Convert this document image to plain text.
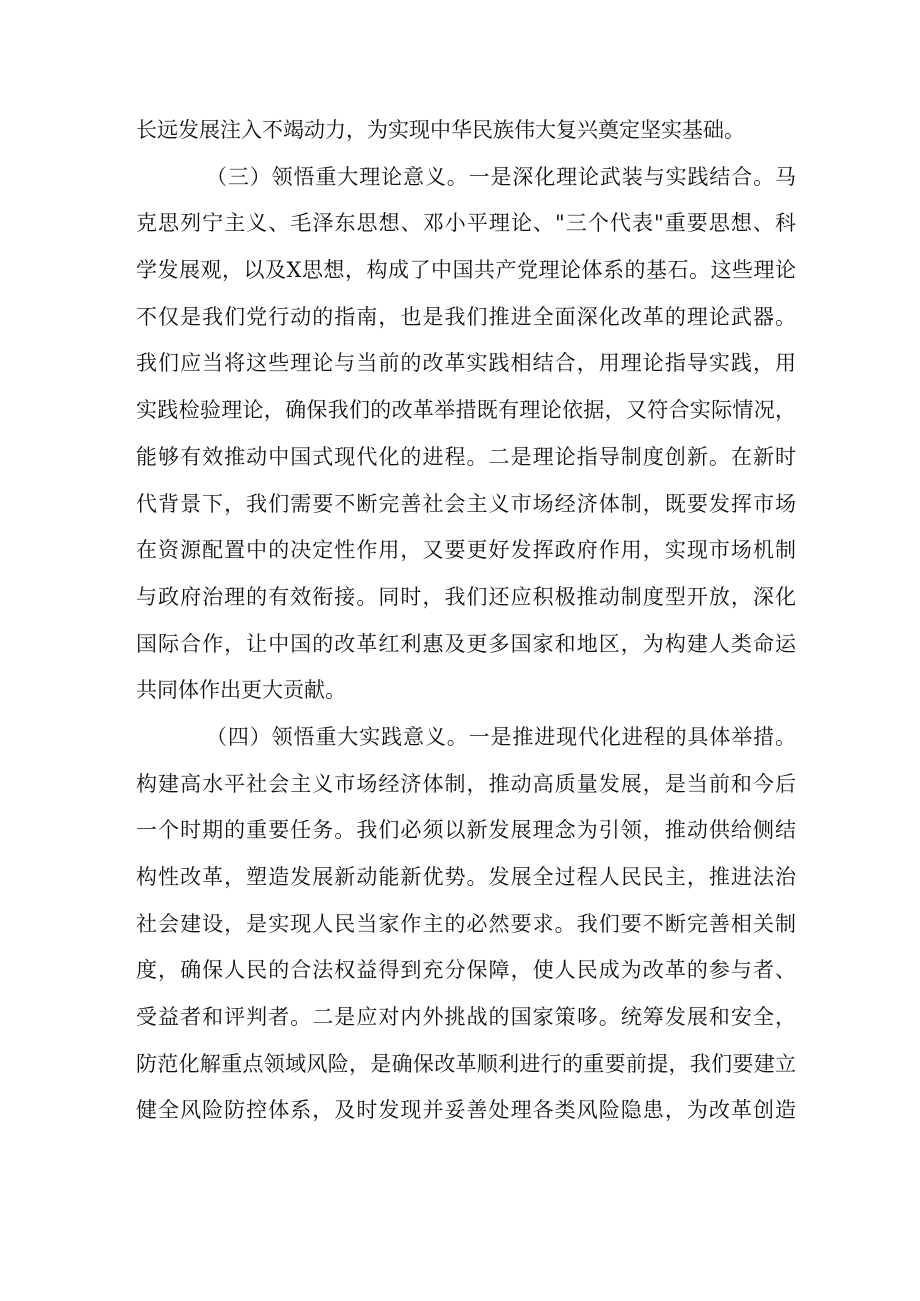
长远发展注入不竭动力，为实现中华民族伟大复兴奠定坚实基础。
（三）领悟重大理论意义。一是深化理论武装与实践结合。马
克思列宁主义、毛泽东思想、邓小平理论、"三个代表"重要思想、科
学发展观，以及X思想，构成了中国共产党理论体系的基石。这些理论
不仅是我们党行动的指南，也是我们推进全面深化改革的理论武器。
我们应当将这些理论与当前的改革实践相结合，用理论指导实践，用
实践检验理论，确保我们的改革举措既有理论依据，又符合实际情况，
能够有效推动中国式现代化的进程。二是理论指导制度创新。在新时
代背景下，我们需要不断完善社会主义市场经济体制，既要发挥市场
在资源配置中的决定性作用，又要更好发挥政府作用，实现市场机制
与政府治理的有效衔接。同时，我们还应积极推动制度型开放，深化
国际合作，让中国的改革红利惠及更多国家和地区，为构建人类命运
共同体作出更大贡献。
（四）领悟重大实践意义。一是推进现代化进程的具体举措。
构建高水平社会主义市场经济体制，推动高质量发展，是当前和今后
一个时期的重要任务。我们必须以新发展理念为引领，推动供给侧结
构性改革，塑造发展新动能新优势。发展全过程人民民主，推进法治
社会建设，是实现人民当家作主的必然要求。我们要不断完善相关制
度，确保人民的合法权益得到充分保障，使人民成为改革的参与者、
受益者和评判者。二是应对内外挑战的国家策哆。统筹发展和安全，
防范化解重点领域风险，是确保改革顺利进行的重要前提，我们要建立
健全风险防控体系，及时发现并妥善处理各类风险隐患，为改革创造
